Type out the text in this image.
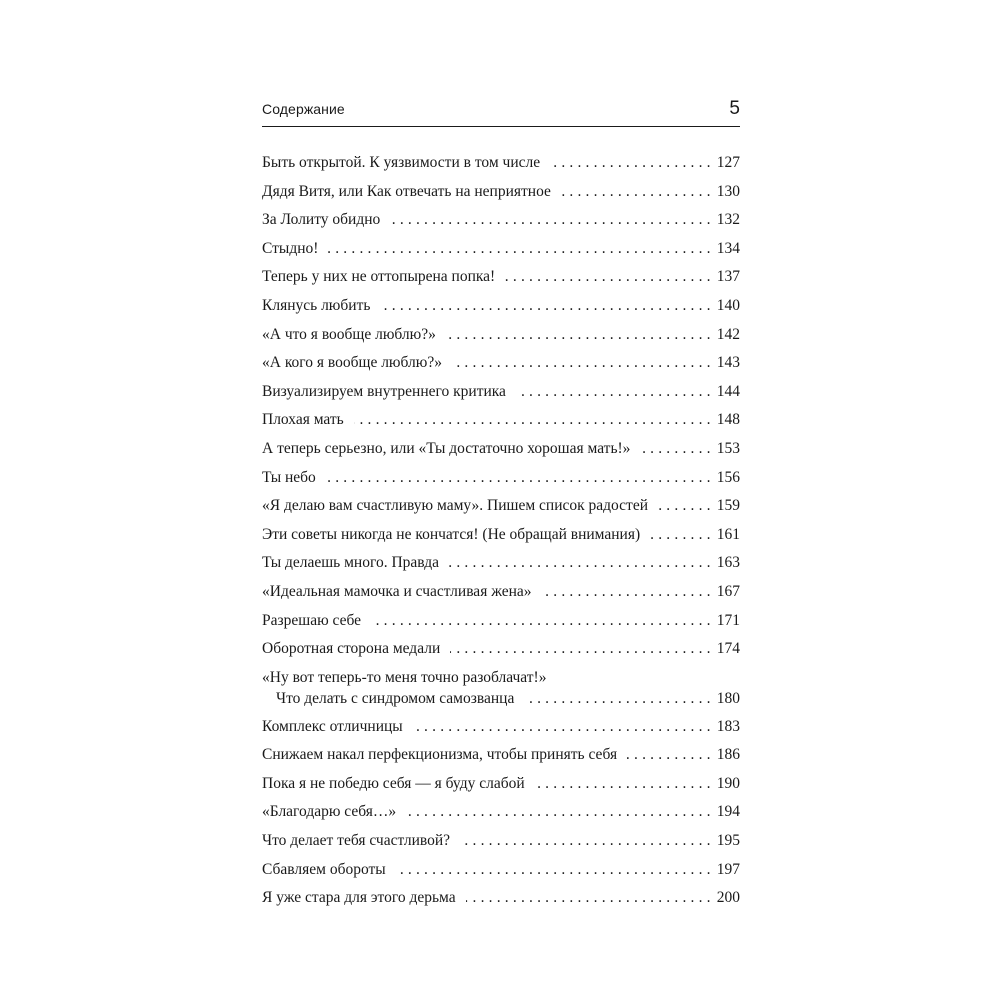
Содержание	5
Быть открытой. К уязвимости в том числе .....	127
Дядя Витя, или Как отвечать на неприятное .....	130
За Лолиту обидно .....	132
Стыдно! .....	134
Теперь у них не оттопырена попка! .....	137
Клянусь любить .....	140
«А что я вообще люблю?» .....	142
«А кого я вообще люблю?» .....	143
Визуализируем внутреннего критика .....	144
Плохая мать .....	148
А теперь серьезно, или «Ты достаточно хорошая мать!» .....	153
Ты небо .....	156
«Я делаю вам счастливую маму». Пишем список радостей .....	159
Эти советы никогда не кончатся! (Не обращай внимания) .....	161
Ты делаешь много. Правда .....	163
«Идеальная мамочка и счастливая жена» .....	167
Разрешаю себе .....	171
Оборотная сторона медали .....	174
«Ну вот теперь-то меня точно разоблачат!»
Что делать с синдромом самозванца .....	180
Комплекс отличницы .....	183
Снижаем накал перфекционизма, чтобы принять себя .....	186
Пока я не победю себя — я буду слабой .....	190
«Благодарю себя…» .....	194
Что делает тебя счастливой? .....	195
Сбавляем обороты .....	197
Я уже стара для этого дерьма .....	200
